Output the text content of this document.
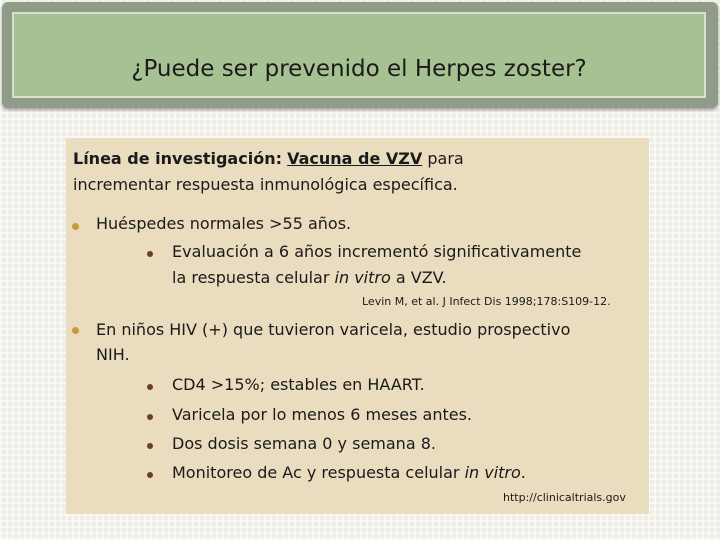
¿Puede ser prevenido el Herpes zoster?
Línea de investigación: Vacuna de VZV para
incrementar respuesta inmunológica específica.
Huéspedes normales >55 años.
Evaluación a 6 años incrementó significativamente
la respuesta celular in vitro a VZV.
Levin M, et al. J Infect Dis 1998;178:S109-12.
En niños HIV (+) que tuvieron varicela, estudio prospectivo
NIH.
CD4 >15%; estables en HAART.
Varicela por lo menos 6 meses antes.
Dos dosis semana 0 y semana 8.
Monitoreo de Ac y respuesta celular in vitro.
http://clinicaltrials.gov
